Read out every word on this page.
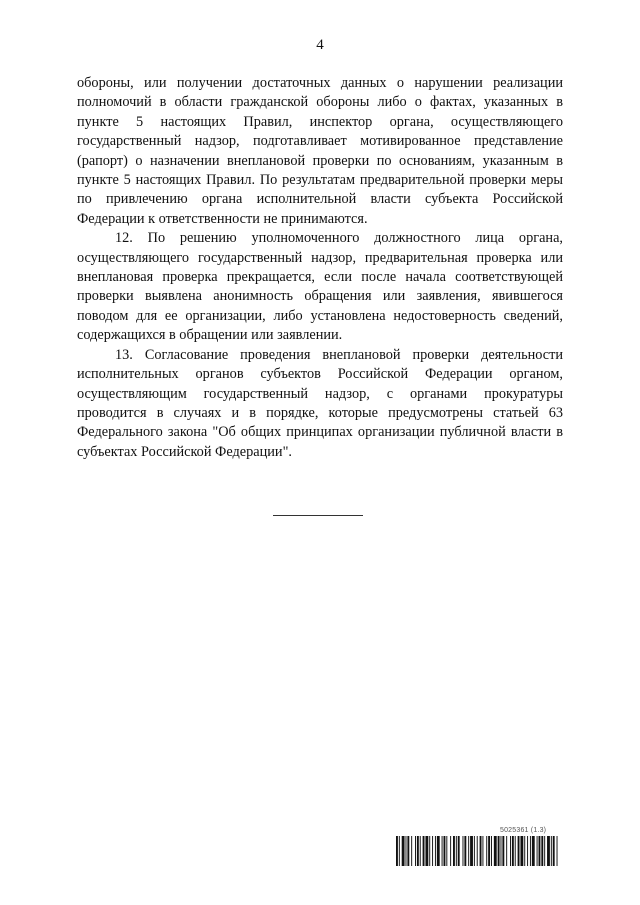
4

обороны, или получении достаточных данных о нарушении реализации полномочий в области гражданской обороны либо о фактах, указанных в пункте 5 настоящих Правил, инспектор органа, осуществляющего государственный надзор, подготавливает мотивированное представление (рапорт) о назначении внеплановой проверки по основаниям, указанным в пункте 5 настоящих Правил. По результатам предварительной проверки меры по привлечению органа исполнительной власти субъекта Российской Федерации к ответственности не принимаются.

12. По решению уполномоченного должностного лица органа, осуществляющего государственный надзор, предварительная проверка или внеплановая проверка прекращается, если после начала соответствующей проверки выявлена анонимность обращения или заявления, явившегося поводом для ее организации, либо установлена недостоверность сведений, содержащихся в обращении или заявлении.

13. Согласование проведения внеплановой проверки деятельности исполнительных органов субъектов Российской Федерации органом, осуществляющим государственный надзор, с органами прокуратуры проводится в случаях и в порядке, которые предусмотрены статьей 63 Федерального закона "Об общих принципах организации публичной власти в субъектах Российской Федерации".

5025361 (1.3)
